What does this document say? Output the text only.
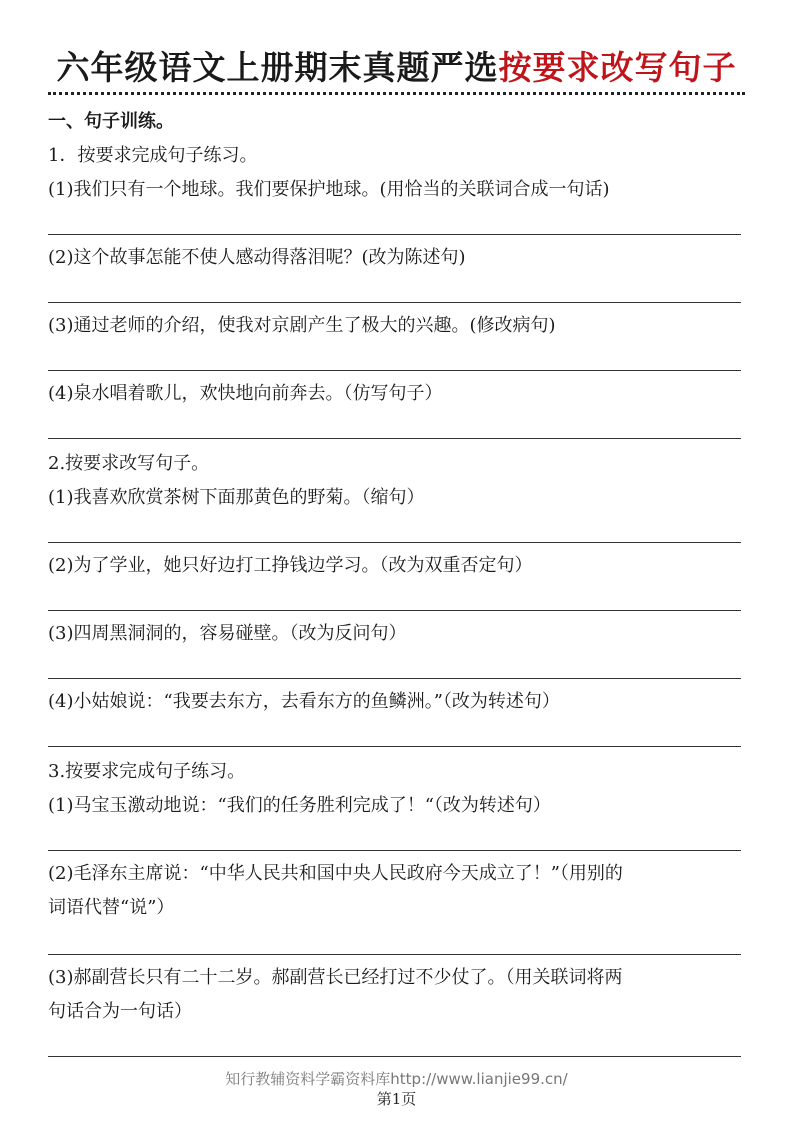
六年级语文上册期末真题严选按要求改写句子
一、句子训练。
1．按要求完成句子练习。
(1)我们只有一个地球。我们要保护地球。(用恰当的关联词合成一句话)
(2)这个故事怎能不使人感动得落泪呢？(改为陈述句)
(3)通过老师的介绍，使我对京剧产生了极大的兴趣。(修改病句)
(4)泉水唱着歌儿，欢快地向前奔去。（仿写句子）
2.按要求改写句子。
(1)我喜欢欣赏茶树下面那黄色的野菊。（缩句）
(2)为了学业，她只好边打工挣钱边学习。（改为双重否定句）
(3)四周黑洞洞的，容易碰壁。（改为反问句）
(4)小姑娘说：“我要去东方，去看东方的鱼鳞洲。”（改为转述句）
3.按要求完成句子练习。
(1)马宝玉激动地说：“我们的任务胜利完成了！“（改为转述句）
(2)毛泽东主席说：“中华人民共和国中央人民政府今天成立了！”（用别的
词语代替“说”）
(3)郝副营长只有二十二岁。郝副营长已经打过不少仗了。（用关联词将两
句话合为一句话）
知行教辅资料学霸资料库http://www.lianjie99.cn/
第1页
